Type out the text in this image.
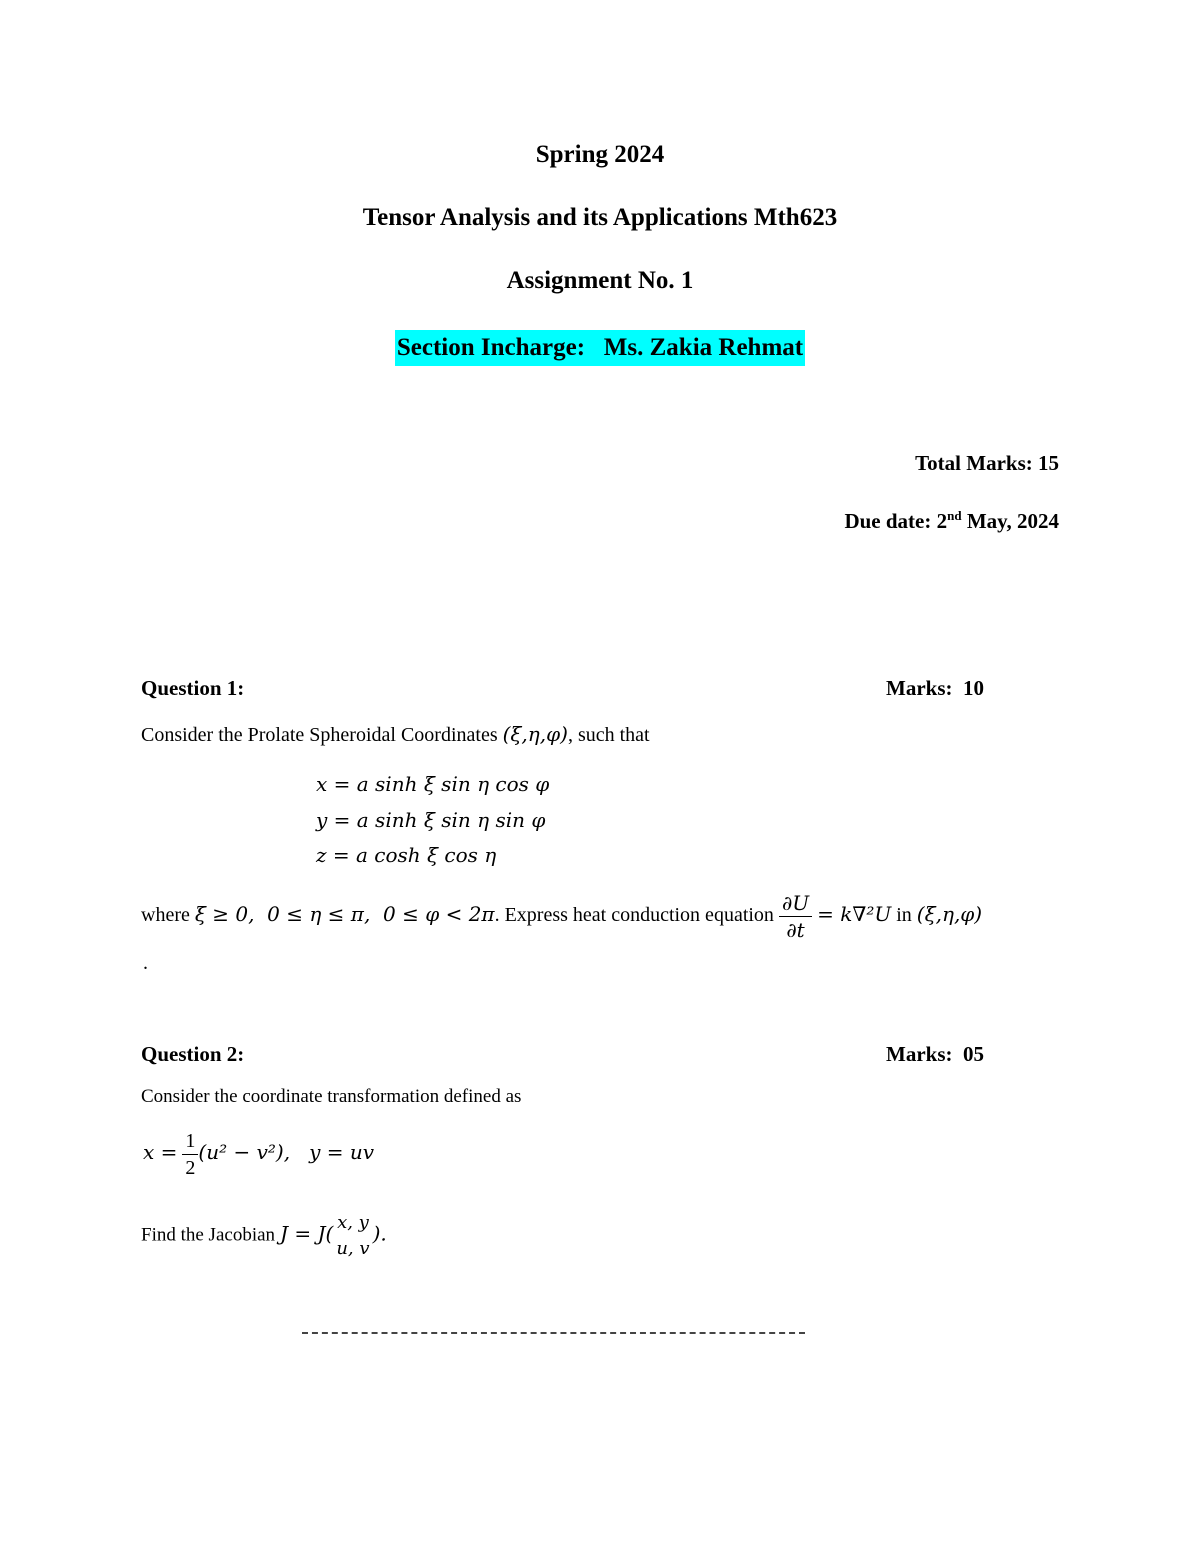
Spring 2024
Tensor Analysis and its Applications Mth623
Assignment No. 1
Section Incharge:   Ms. Zakia Rehmat
Total Marks: 15
Due date: 2nd May, 2024
Question 1:	Marks:  10
Consider the Prolate Spheroidal Coordinates (ξ,η,φ), such that
x = a sinh ξ sin η cos φ
y = a sinh ξ sin η sin φ
z = a cosh ξ cos η
where ξ ≥ 0,  0 ≤ η ≤ π,  0 ≤ φ < 2π. Express heat conduction equation $\frac{\partial U}{\partial t} = k\nabla^2U$ in (ξ,η,φ)
.
Question 2:	Marks:  05
Consider the coordinate transformation defined as
$x = \frac{1}{2} (u^2 - v^2)$, y = uv
Find the Jacobian J = J( x, y
u, v
).
